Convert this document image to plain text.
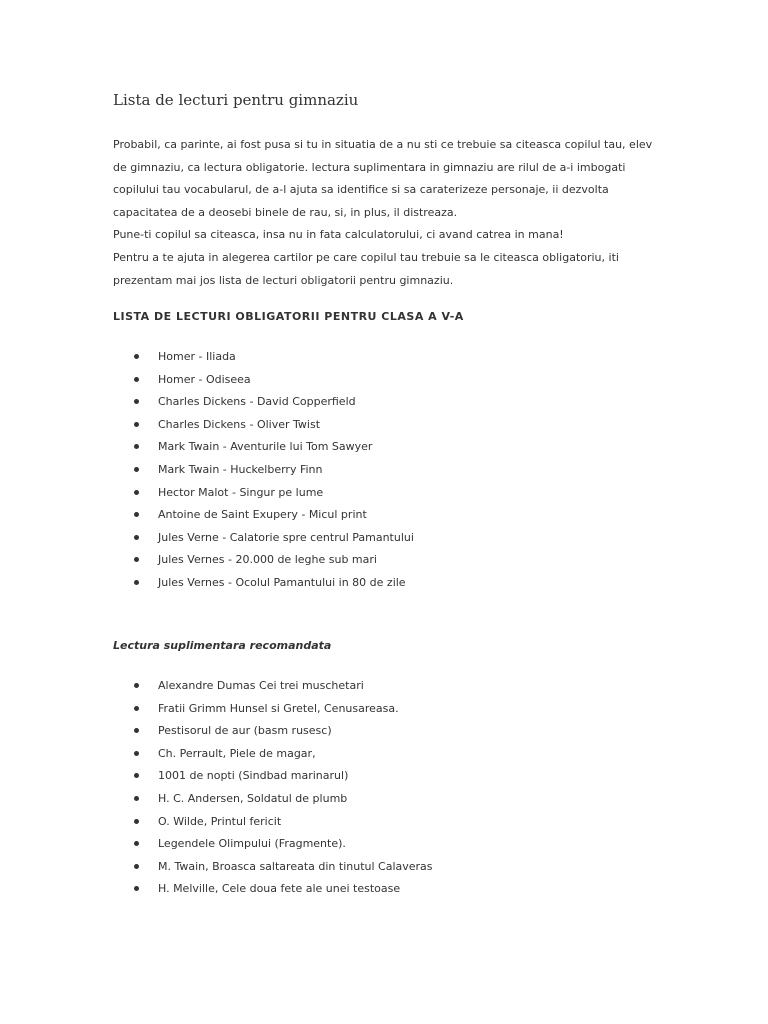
Lista de lecturi pentru gimnaziu

Probabil, ca parinte, ai fost pusa si tu in situatia de a nu sti ce trebuie sa citeasca copilul tau, elev
de gimnaziu, ca lectura obligatorie. lectura suplimentara in gimnaziu are rilul de a-i imbogati
copilului tau vocabularul, de a-l ajuta sa identifice si sa caraterizeze personaje, ii dezvolta
capacitatea de a deosebi binele de rau, si, in plus, il distreaza.
Pune-ti copilul sa citeasca, insa nu in fata calculatorului, ci avand catrea in mana!
Pentru a te ajuta in alegerea cartilor pe care copilul tau trebuie sa le citeasca obligatoriu, iti
prezentam mai jos lista de lecturi obligatorii pentru gimnaziu.

LISTA DE LECTURI OBLIGATORII PENTRU CLASA A V-A
Homer - Iliada
Homer - Odiseea
Charles Dickens - David Copperfield
Charles Dickens - Oliver Twist
Mark Twain - Aventurile lui Tom Sawyer
Mark Twain - Huckelberry Finn
Hector Malot - Singur pe lume
Antoine de Saint Exupery - Micul print
Jules Verne - Calatorie spre centrul Pamantului
Jules Vernes - 20.000 de leghe sub mari
Jules Vernes - Ocolul Pamantului in 80 de zile
Lectura suplimentara recomandata
Alexandre Dumas Cei trei muschetari
Fratii Grimm Hunsel si Gretel, Cenusareasa.
Pestisorul de aur (basm rusesc)
Ch. Perrault, Piele de magar,
1001 de nopti (Sindbad marinarul)
H. C. Andersen, Soldatul de plumb
O. Wilde, Printul fericit
Legendele Olimpului (Fragmente).
M. Twain, Broasca saltareata din tinutul Calaveras
H. Melville, Cele doua fete ale unei testoase
